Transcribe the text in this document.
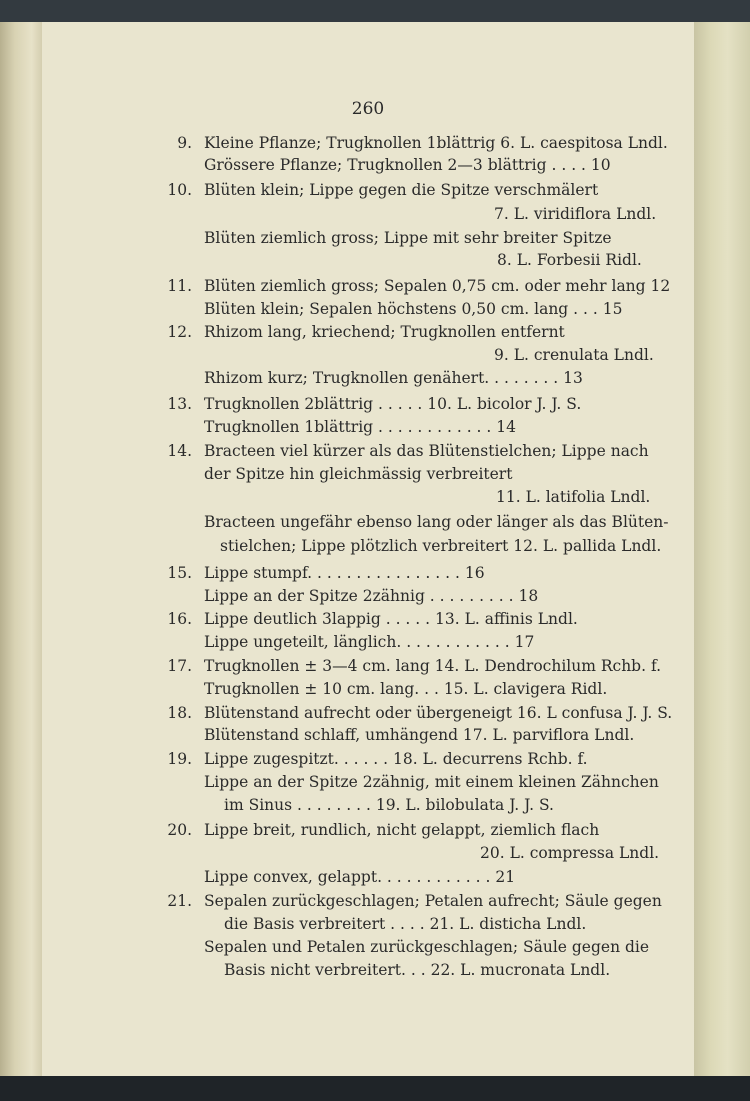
260
9. Kleine Pflanze; Trugknollen 1blättrig 6. L. caespitosa Lndl.
Grössere Pflanze; Trugknollen 2—3 blättrig . . . . 10
10. Blüten klein; Lippe gegen die Spitze verschmälert
7. L. viridiflora Lndl.
Blüten ziemlich gross; Lippe mit sehr breiter Spitze
8. L. Forbesii Ridl.
11. Blüten ziemlich gross; Sepalen 0,75 cm. oder mehr lang 12
Blüten klein; Sepalen höchstens 0,50 cm. lang . . . 15
12. Rhizom lang, kriechend; Trugknollen entfernt
9. L. crenulata Lndl.
Rhizom kurz; Trugknollen genähert. . . . . . . . 13
13. Trugknollen 2blättrig . . . . . 10. L. bicolor J. J. S.
Trugknollen 1blättrig . . . . . . . . . . . . 14
14. Bracteen viel kürzer als das Blütenstielchen; Lippe nach
der Spitze hin gleichmässig verbreitert
11. L. latifolia Lndl.
Bracteen ungefähr ebenso lang oder länger als das Blüten-
stielchen; Lippe plötzlich verbreitert 12. L. pallida Lndl.
15. Lippe stumpf. . . . . . . . . . . . . . . . 16
Lippe an der Spitze 2zähnig . . . . . . . . . 18
16. Lippe deutlich 3lappig . . . . . 13. L. affinis Lndl.
Lippe ungeteilt, länglich. . . . . . . . . . . . 17
17. Trugknollen ± 3—4 cm. lang 14. L. Dendrochilum Rchb. f.
Trugknollen ± 10 cm. lang. . . 15. L. clavigera Ridl.
18. Blütenstand aufrecht oder übergeneigt 16. L confusa J. J. S.
Blütenstand schlaff, umhängend 17. L. parviflora Lndl.
19. Lippe zugespitzt. . . . . . 18. L. decurrens Rchb. f.
Lippe an der Spitze 2zähnig, mit einem kleinen Zähnchen
im Sinus . . . . . . . . 19. L. bilobulata J. J. S.
20. Lippe breit, rundlich, nicht gelappt, ziemlich flach
20. L. compressa Lndl.
Lippe convex, gelappt. . . . . . . . . . . . 21
21. Sepalen zurückgeschlagen; Petalen aufrecht; Säule gegen
die Basis verbreitert . . . . 21. L. disticha Lndl.
Sepalen und Petalen zurückgeschlagen; Säule gegen die
Basis nicht verbreitert. . . 22. L. mucronata Lndl.
